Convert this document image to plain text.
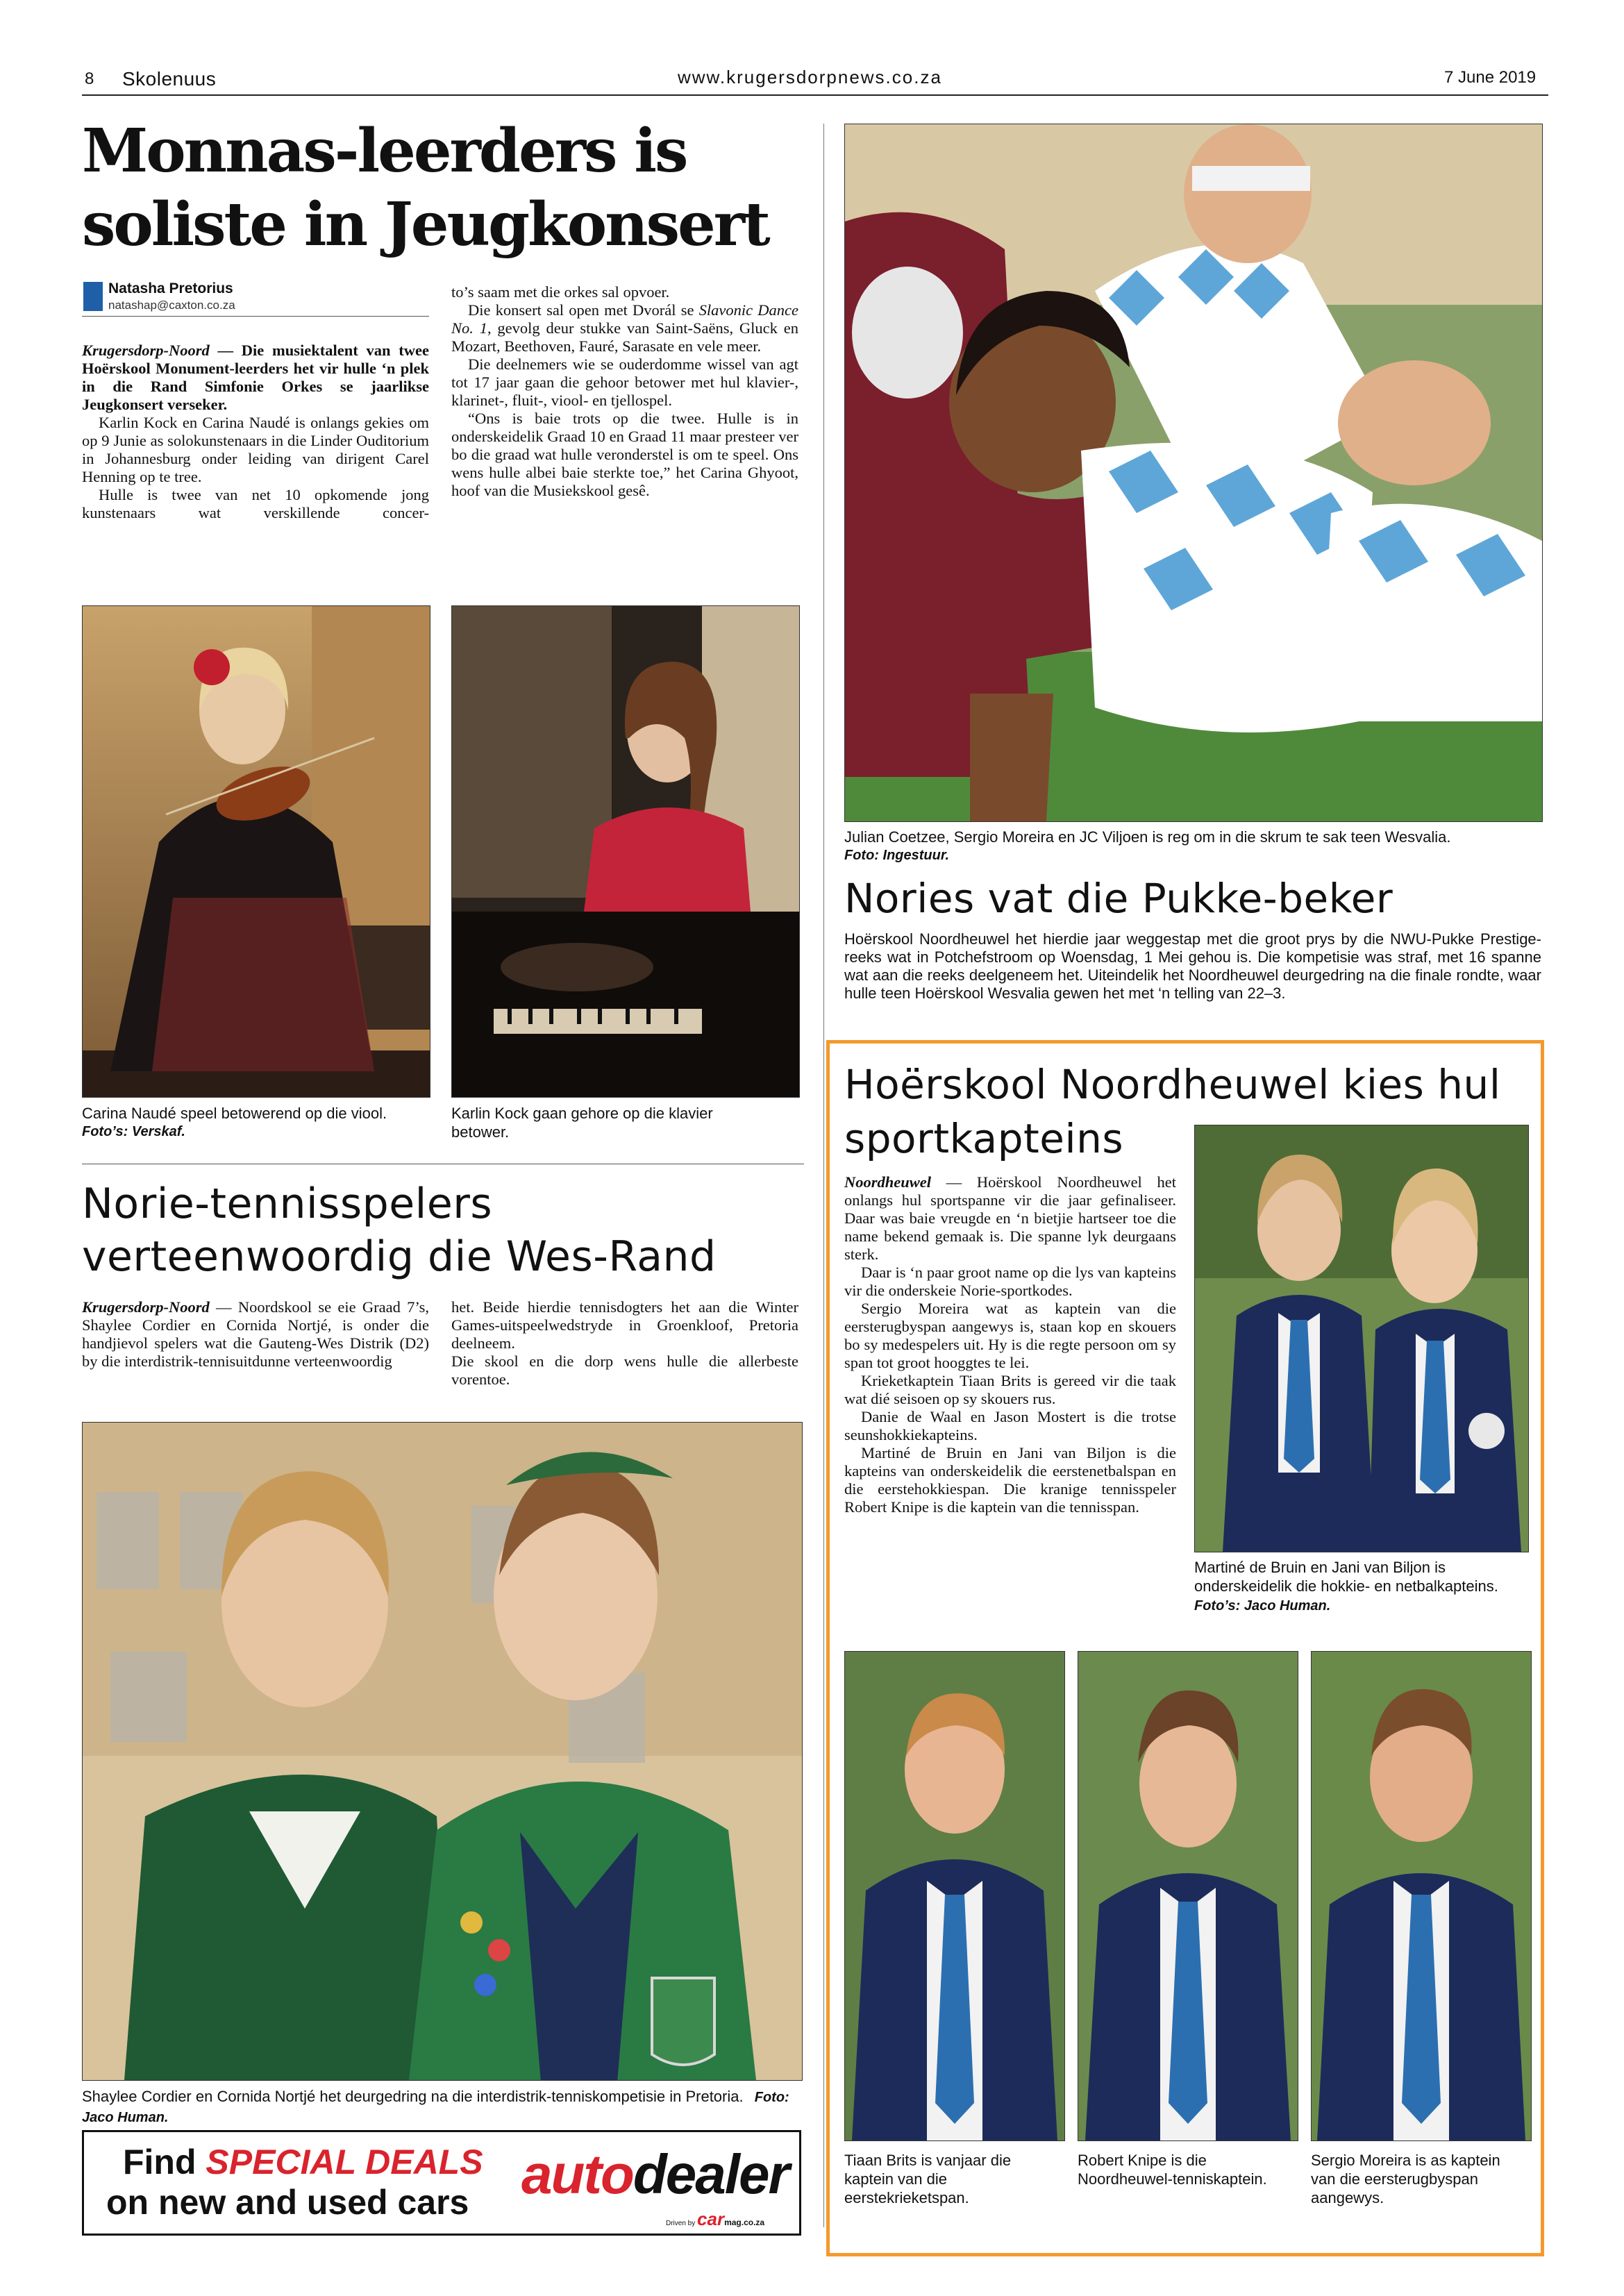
8 Skolenuus	www.krugersdorpnews.co.za	7 June 2019
Monnas-leerders is
soliste in Jeugkonsert
Natasha Pretorius
natashap@caxton.co.za

Krugersdorp-Noord — Die musiektalent van twee Hoërskool Monument-leerders het vir hulle ‘n plek in die Rand Simfonie Orkes se jaarlikse Jeugkonsert verseker.

Karlin Kock en Carina Naudé is onlangs gekies om op 9 Junie as solokunstenaars in die Linder Ouditorium in Johannesburg onder leiding van dirigent Carel Henning op te tree.

Hulle is twee van net 10 opkomende jong kunstenaars wat verskillende concer-

to’s saam met die orkes sal opvoer.

Die konsert sal open met Dvorál se Slavonic Dance No. 1, gevolg deur stukke van Saint-Saëns, Gluck en Mozart, Beethoven, Fauré, Sarasate en vele meer.

Die deelnemers wie se ouderdomme wissel van agt tot 17 jaar gaan die gehoor betower met hul klavier-, klarinet-, fluit-, viool- en tjellospel.

“Ons is baie trots op die twee. Hulle is in onderskeidelik Graad 10 en Graad 11 maar presteer ver bo die graad wat hulle veronderstel is om te speel. Ons wens hulle albei baie sterkte toe,” het Carina Ghyoot, hoof van die Musiekskool gesê.

Carina Naudé speel betowerend op die viool.
Foto’s: Verskaf.
Karlin Kock gaan gehore op die klavier betower.
Norie-tennisspelers
verteenwoordig die Wes-Rand

Krugersdorp-Noord — Noordskool se eie Graad 7’s, Shaylee Cordier en Cornida Nortjé, is onder die handjievol spelers wat die Gauteng-Wes Distrik (D2) by die interdistrik-tennisuitdunne verteenwoordig

het. Beide hierdie tennisdogters het aan die Winter Games-uitspeelwedstryde in Groenkloof, Pretoria deelneem.

Die skool en die dorp wens hulle die allerbeste vorentoe.

Shaylee Cordier en Cornida Nortjé het deurgedring na die interdistrik-tenniskompetisie in Pretoria. Foto: Jaco Human.
Find SPECIAL DEALS
on new and used cars autodealer
Driven by carmag.co.za
Julian Coetzee, Sergio Moreira en JC Viljoen is reg om in die skrum te sak teen Wesvalia.
Foto: Ingestuur.
Nories vat die Pukke-beker
Hoërskool Noordheuwel het hierdie jaar weggestap met die groot prys by die NWU-Pukke Prestige-reeks wat in Potchefstroom op Woensdag, 1 Mei gehou is. Die kompetisie was straf, met 16 spanne wat aan die reeks deelgeneem het. Uiteindelik het Noordheuwel deurgedring na die finale rondte, waar hulle teen Hoërskool Wesvalia gewen het met ‘n telling van 22–3.
Hoërskool Noordheuwel kies hul
sportkapteins

Noordheuwel — Hoërskool Noordheuwel het onlangs hul sportspanne vir die jaar gefinaliseer. Daar was baie vreugde en ‘n bietjie hartseer toe die name bekend gemaak is. Die spanne lyk deurgaans sterk.

Daar is ‘n paar groot name op die lys van kapteins vir die onderskeie Norie-sportkodes.

Sergio Moreira wat as kaptein van die eersterugbyspan aangewys is, staan kop en skouers bo sy medespelers uit. Hy is die regte persoon om sy span tot groot hooggtes te lei.

Krieketkaptein Tiaan Brits is gereed vir die taak wat dié seisoen op sy skouers rus.

Danie de Waal en Jason Mostert is die trotse seunshokkiekapteins.

Martiné de Bruin en Jani van Biljon is die kapteins van onderskeidelik die eerstenetbalspan en die eerstehokkiespan. Die kranige tennisspeler Robert Knipe is die kaptein van die tennisspan.

Martiné de Bruin en Jani van Biljon is onderskeidelik die hokkie- en netbalkapteins. Foto’s: Jaco Human.
Tiaan Brits is vanjaar die kaptein van die eerstekrieketspan.
Robert Knipe is die Noordheuwel-tenniskaptein.
Sergio Moreira is as kaptein van die eersterugbyspan aangewys.
